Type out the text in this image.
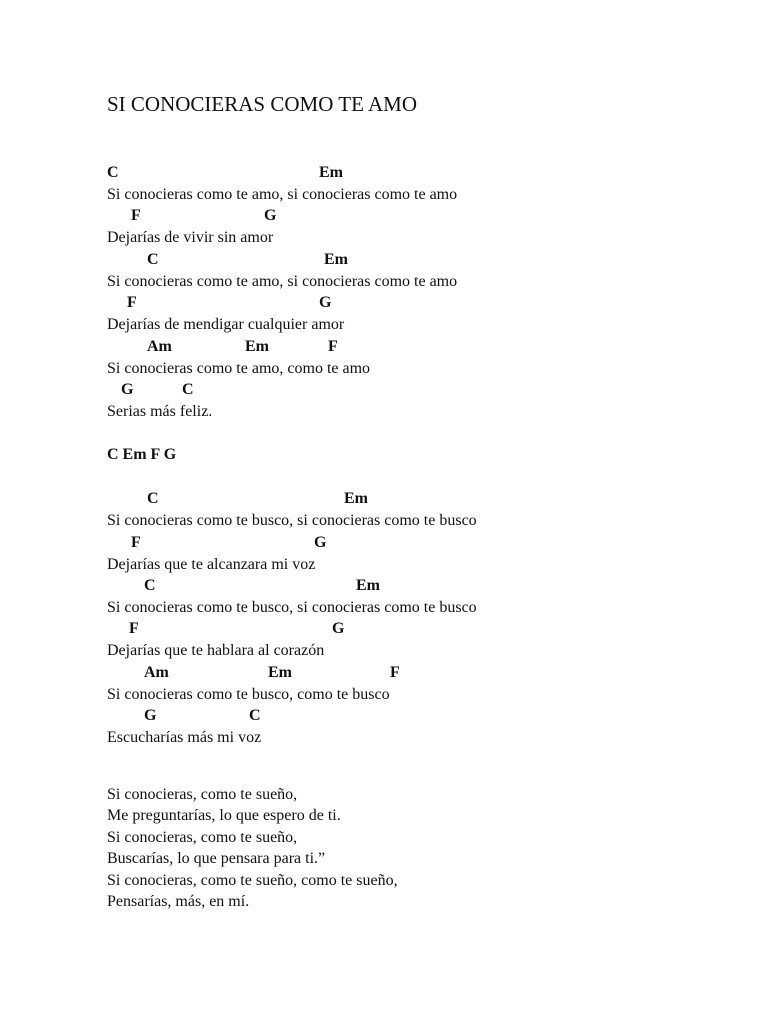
SI CONOCIERAS COMO TE AMO
C	Em
Si conocieras como te amo, si conocieras como te amo
F	G
Dejarías de vivir sin amor
C	Em
Si conocieras como te amo, si conocieras como te amo
F	G
Dejarías de mendigar cualquier amor
Am	Em	F
Si conocieras como te amo, como te amo
G	C
Serias más feliz.
C Em F G
C	Em
Si conocieras como te busco, si conocieras como te busco
F	G
Dejarías que te alcanzara mi voz
C	Em
Si conocieras como te busco, si conocieras como te busco
F	G
Dejarías que te hablara al corazón
Am	Em	F
Si conocieras como te busco, como te busco
G	C
Escucharías más mi voz
Si conocieras, como te sueño,
Me preguntarías, lo que espero de ti.
Si conocieras, como te sueño,
Buscarías, lo que pensara para ti.”
Si conocieras, como te sueño, como te sueño,
Pensarías, más, en mí.
